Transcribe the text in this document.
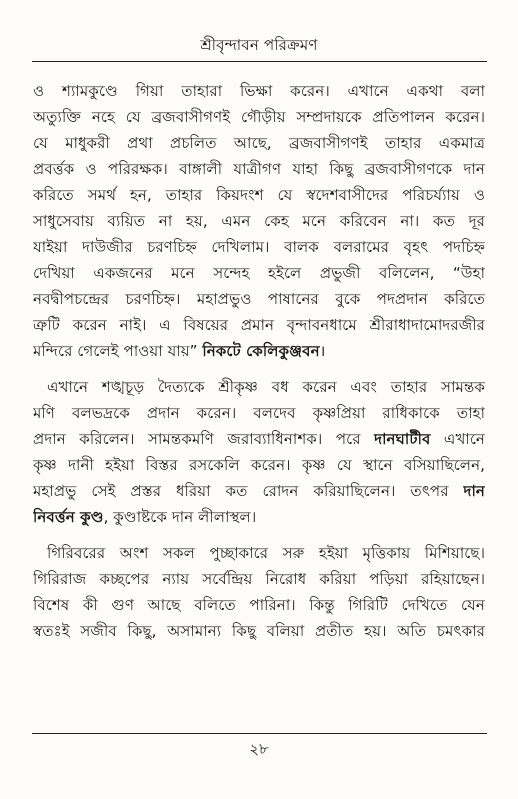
শ্রীবৃন্দাবন পরিক্রমণ
ও শ্যামকুণ্ডে গিয়া তাহারা ভিক্ষা করেন। এখানে একথা বলা
অত্যুক্তি নহে যে ব্রজবাসীগণই গৌড়ীয় সম্প্রদায়কে প্রতিপালন করেন।
যে মাধুকরী প্রথা প্রচলিত আছে, ব্রজবাসীগণই তাহার একমাত্র
প্রবর্ত্তক ও পরিরক্ষক। বাঙ্গালী যাত্রীগণ যাহা কিছু ব্রজবাসীগণকে দান
করিতে সমর্থ হন, তাহার কিয়দংশ যে স্বদেশবাসীদের পরিচর্য্যায় ও
সাধুসেবায় ব্যয়িত না হয়, এমন কেহ মনে করিবেন না। কত দূর
যাইয়া দাউজীর চরণচিহ্ন দেখিলাম। বালক বলরামের বৃহৎ পদচিহ্ন
দেখিয়া একজনের মনে সন্দেহ হইলে প্রভুজী বলিলেন, “উহা
নবদ্বীপচন্দ্রের চরণচিহ্ন। মহাপ্রভুও পাষানের বুকে পদপ্রদান করিতে
ত্রুটি করেন নাই। এ বিষয়ের প্রমান বৃন্দাবনধামে শ্রীরাধাদামোদরজীর
মন্দিরে গেলেই পাওয়া যায়” নিকটে কেলিকুঞ্জবন।
এখানে শঙ্খচূড় দৈত্যকে শ্রীকৃষ্ণ বধ করেন এবং তাহার সামন্তক
মণি বলভদ্রকে প্রদান করেন। বলদেব কৃষ্ণপ্রিয়া রাধিকাকে তাহা
প্রদান করিলেন। সামন্তকমণি জরাব্যাধিনাশক। পরে দানঘাটীব এখানে
কৃষ্ণ দানী হইয়া বিস্তর রসকেলি করেন। কৃষ্ণ যে স্থানে বসিয়াছিলেন,
মহাপ্রভু সেই প্রস্তর ধরিয়া কত রোদন করিয়াছিলেন। তৎপর দান
নিবর্ত্তন কুণ্ড, কুণ্ডাষ্টকে দান লীলাস্থল।
গিরিবরের অংশ সকল পুচ্ছাকারে সরু হইয়া মৃত্তিকায় মিশিয়াছে।
গিরিরাজ কচ্ছপের ন্যায় সর্বেন্দ্রিয় নিরোধ করিয়া পড়িয়া রহিয়াছেন।
বিশেষ কী গুণ আছে বলিতে পারিনা। কিন্তু গিরিটি দেখিতে যেন
স্বতঃই সজীব কিছু, অসামান্য কিছু বলিয়া প্রতীত হয়। অতি চমৎকার
২৮
